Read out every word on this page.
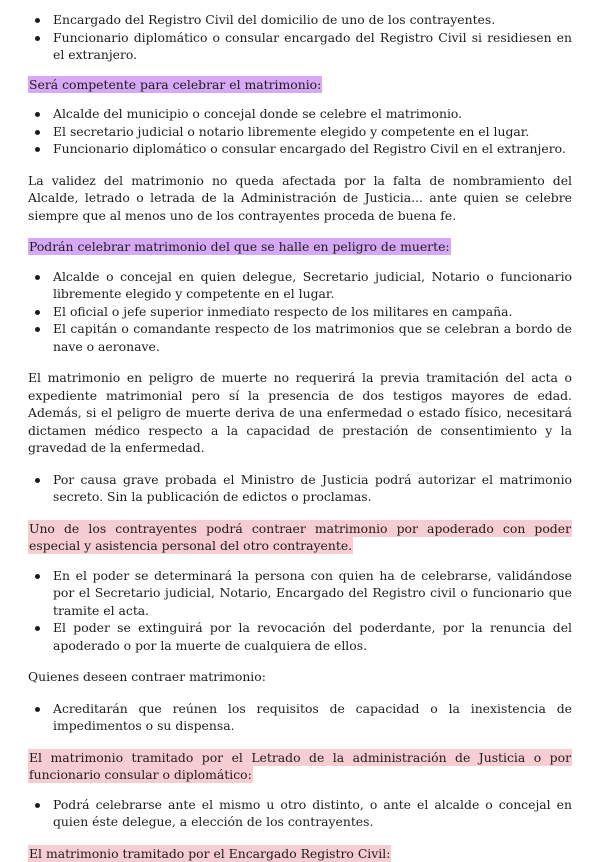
Encargado del Registro Civil del domicilio de uno de los contrayentes.
Funcionario diplomático o consular encargado del Registro Civil si residiesen en el extranjero.

Será competente para celebrar el matrimonio:

Alcalde del municipio o concejal donde se celebre el matrimonio.
El secretario judicial o notario libremente elegido y competente en el lugar.
Funcionario diplomático o consular encargado del Registro Civil en el extranjero.

La validez del matrimonio no queda afectada por la falta de nombramiento del Alcalde, letrado o letrada de la Administración de Justicia... ante quien se celebre siempre que al menos uno de los contrayentes proceda de buena fe.

Podrán celebrar matrimonio del que se halle en peligro de muerte:

Alcalde o concejal en quien delegue, Secretario judicial, Notario o funcionario libremente elegido y competente en el lugar.
El oficial o jefe superior inmediato respecto de los militares en campaña.
El capitán o comandante respecto de los matrimonios que se celebran a bordo de nave o aeronave.

El matrimonio en peligro de muerte no requerirá la previa tramitación del acta o expediente matrimonial pero sí la presencia de dos testigos mayores de edad. Además, si el peligro de muerte deriva de una enfermedad o estado físico, necesitará dictamen médico respecto a la capacidad de prestación de consentimiento y la gravedad de la enfermedad.

Por causa grave probada el Ministro de Justicia podrá autorizar el matrimonio secreto. Sin la publicación de edictos o proclamas.

Uno de los contrayentes podrá contraer matrimonio por apoderado con poder especial y asistencia personal del otro contrayente.

En el poder se determinará la persona con quien ha de celebrarse, validándose por el Secretario judicial, Notario, Encargado del Registro civil o funcionario que tramite el acta.
El poder se extinguirá por la revocación del poderdante, por la renuncia del apoderado o por la muerte de cualquiera de ellos.

Quienes deseen contraer matrimonio:

Acreditarán que reúnen los requisitos de capacidad o la inexistencia de impedimentos o su dispensa.

El matrimonio tramitado por el Letrado de la administración de Justicia o por funcionario consular o diplomático:

Podrá celebrarse ante el mismo u otro distinto, o ante el alcalde o concejal en quien éste delegue, a elección de los contrayentes.

El matrimonio tramitado por el Encargado Registro Civil:
